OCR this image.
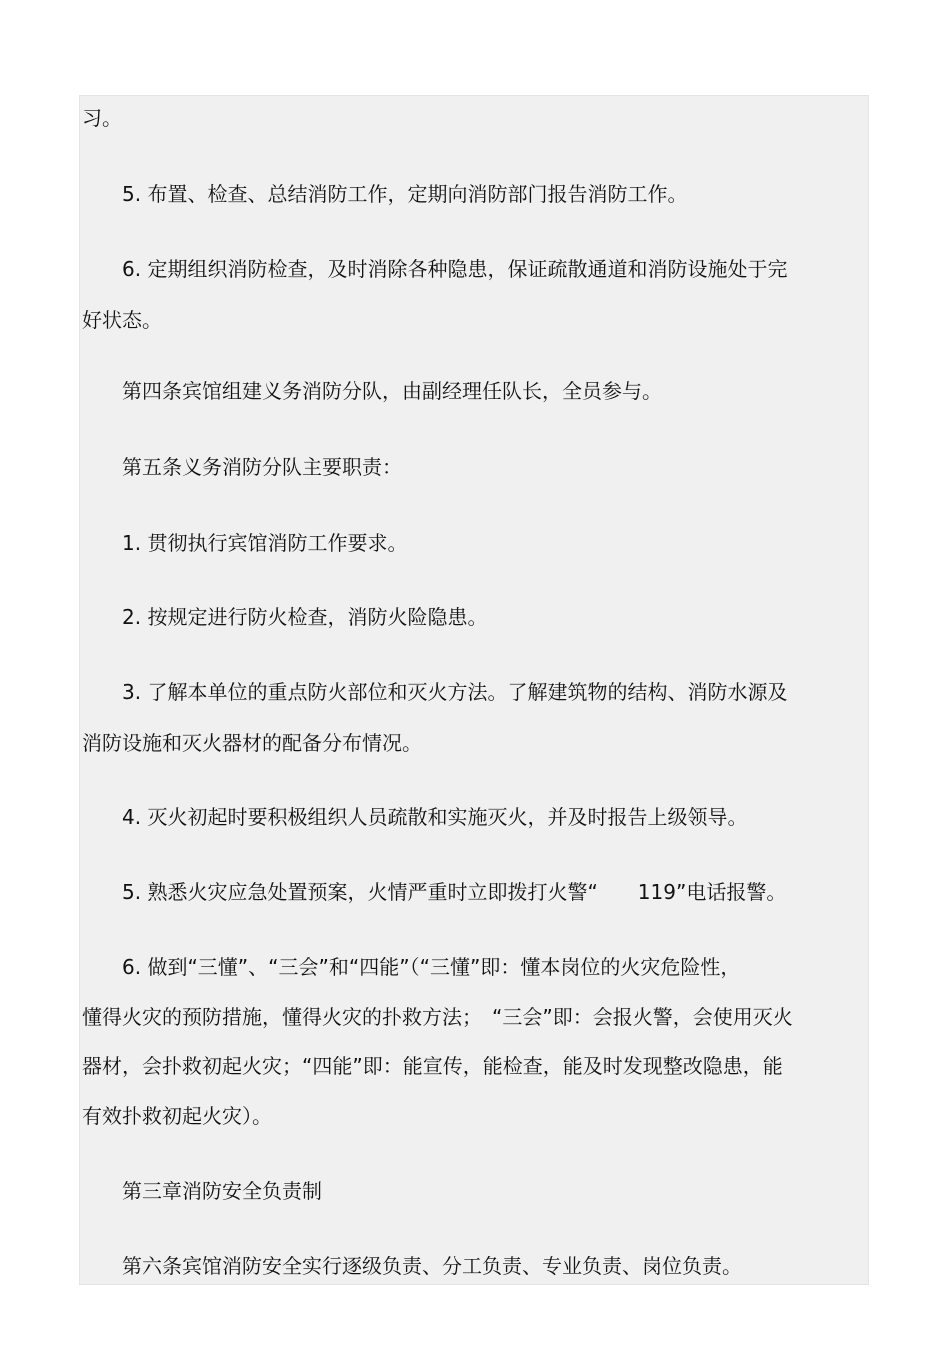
习。
5. 布置、检查、总结消防工作，定期向消防部门报告消防工作。
6. 定期组织消防检查，及时消除各种隐患，保证疏散通道和消防设施处于完
好状态。
第四条宾馆组建义务消防分队，由副经理任队长，全员参与。
第五条义务消防分队主要职责：
1. 贯彻执行宾馆消防工作要求。
2. 按规定进行防火检查，消防火险隐患。
3. 了解本单位的重点防火部位和灭火方法。了解建筑物的结构、消防水源及
消防设施和灭火器材的配备分布情况。
4. 灭火初起时要积极组织人员疏散和实施灭火，并及时报告上级领导。
5. 熟悉火灾应急处置预案，火情严重时立即拨打火警“　　119”电话报警。
6. 做到“三懂”、“三会”和“四能”（“三懂”即：懂本岗位的火灾危险性，
懂得火灾的预防措施，懂得火灾的扑救方法；　“三会”即：会报火警，会使用灭火
器材，会扑救初起火灾；“四能”即：能宣传，能检查，能及时发现整改隐患，能
有效扑救初起火灾）。
第三章消防安全负责制
第六条宾馆消防安全实行逐级负责、分工负责、专业负责、岗位负责。
